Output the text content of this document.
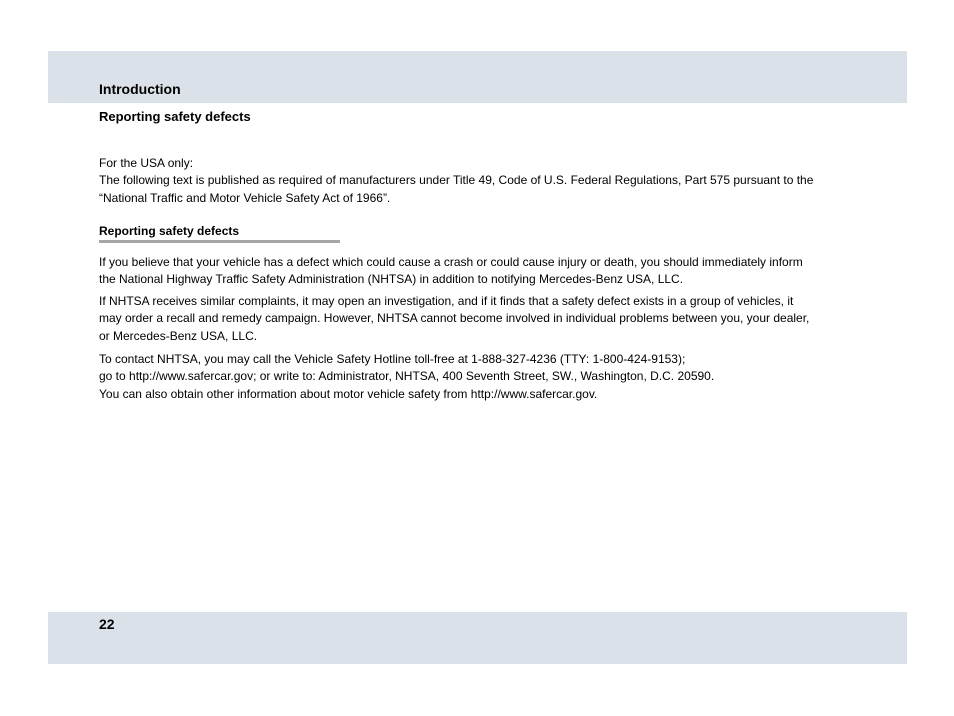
Introduction
Reporting safety defects
For the USA only:
The following text is published as required of manufacturers under Title 49, Code of U.S. Federal Regulations, Part 575 pursuant to the
“National Traffic and Motor Vehicle Safety Act of 1966”.
Reporting safety defects
If you believe that your vehicle has a defect which could cause a crash or could cause injury or death, you should immediately inform
the National Highway Traffic Safety Administration (NHTSA) in addition to notifying Mercedes-Benz USA, LLC.
If NHTSA receives similar complaints, it may open an investigation, and if it finds that a safety defect exists in a group of vehicles, it
may order a recall and remedy campaign. However, NHTSA cannot become involved in individual problems between you, your dealer,
or Mercedes-Benz USA, LLC.
To contact NHTSA, you may call the Vehicle Safety Hotline toll-free at 1-888-327-4236 (TTY: 1-800-424-9153);
go to http://www.safercar.gov; or write to: Administrator, NHTSA, 400 Seventh Street, SW., Washington, D.C. 20590.
You can also obtain other information about motor vehicle safety from http://www.safercar.gov.
22
